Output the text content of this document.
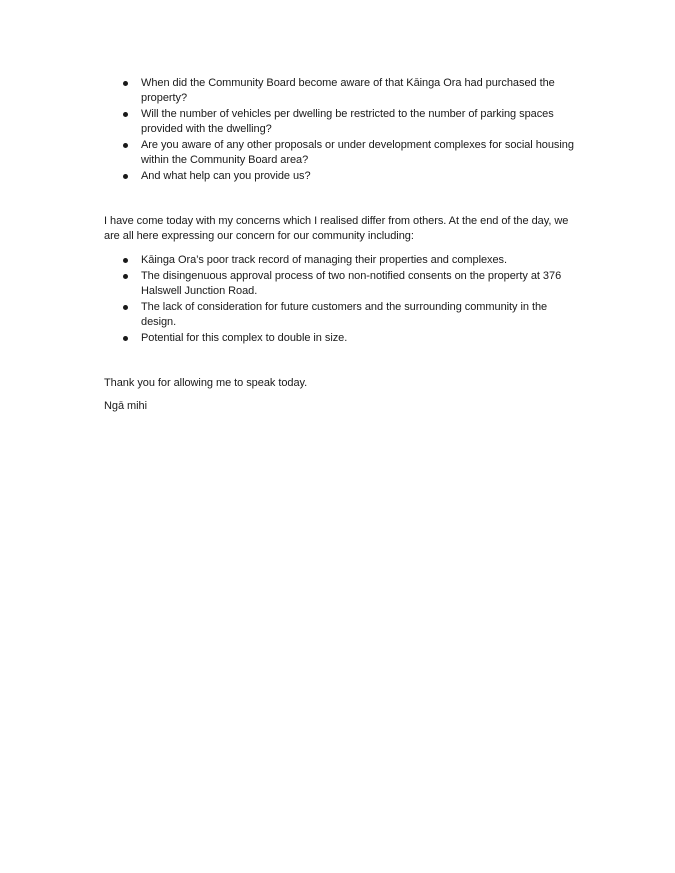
When did the Community Board become aware of that Kāinga Ora had purchased the property?
Will the number of vehicles per dwelling be restricted to the number of parking spaces provided with the dwelling?
Are you aware of any other proposals or under development complexes for social housing within the Community Board area?
And what help can you provide us?

I have come today with my concerns which I realised differ from others. At the end of the day, we are all here expressing our concern for our community including:

Kāinga Ora’s poor track record of managing their properties and complexes.
The disingenuous approval process of two non-notified consents on the property at 376 Halswell Junction Road.
The lack of consideration for future customers and the surrounding community in the design.
Potential for this complex to double in size.

Thank you for allowing me to speak today.

Ngā mihi
